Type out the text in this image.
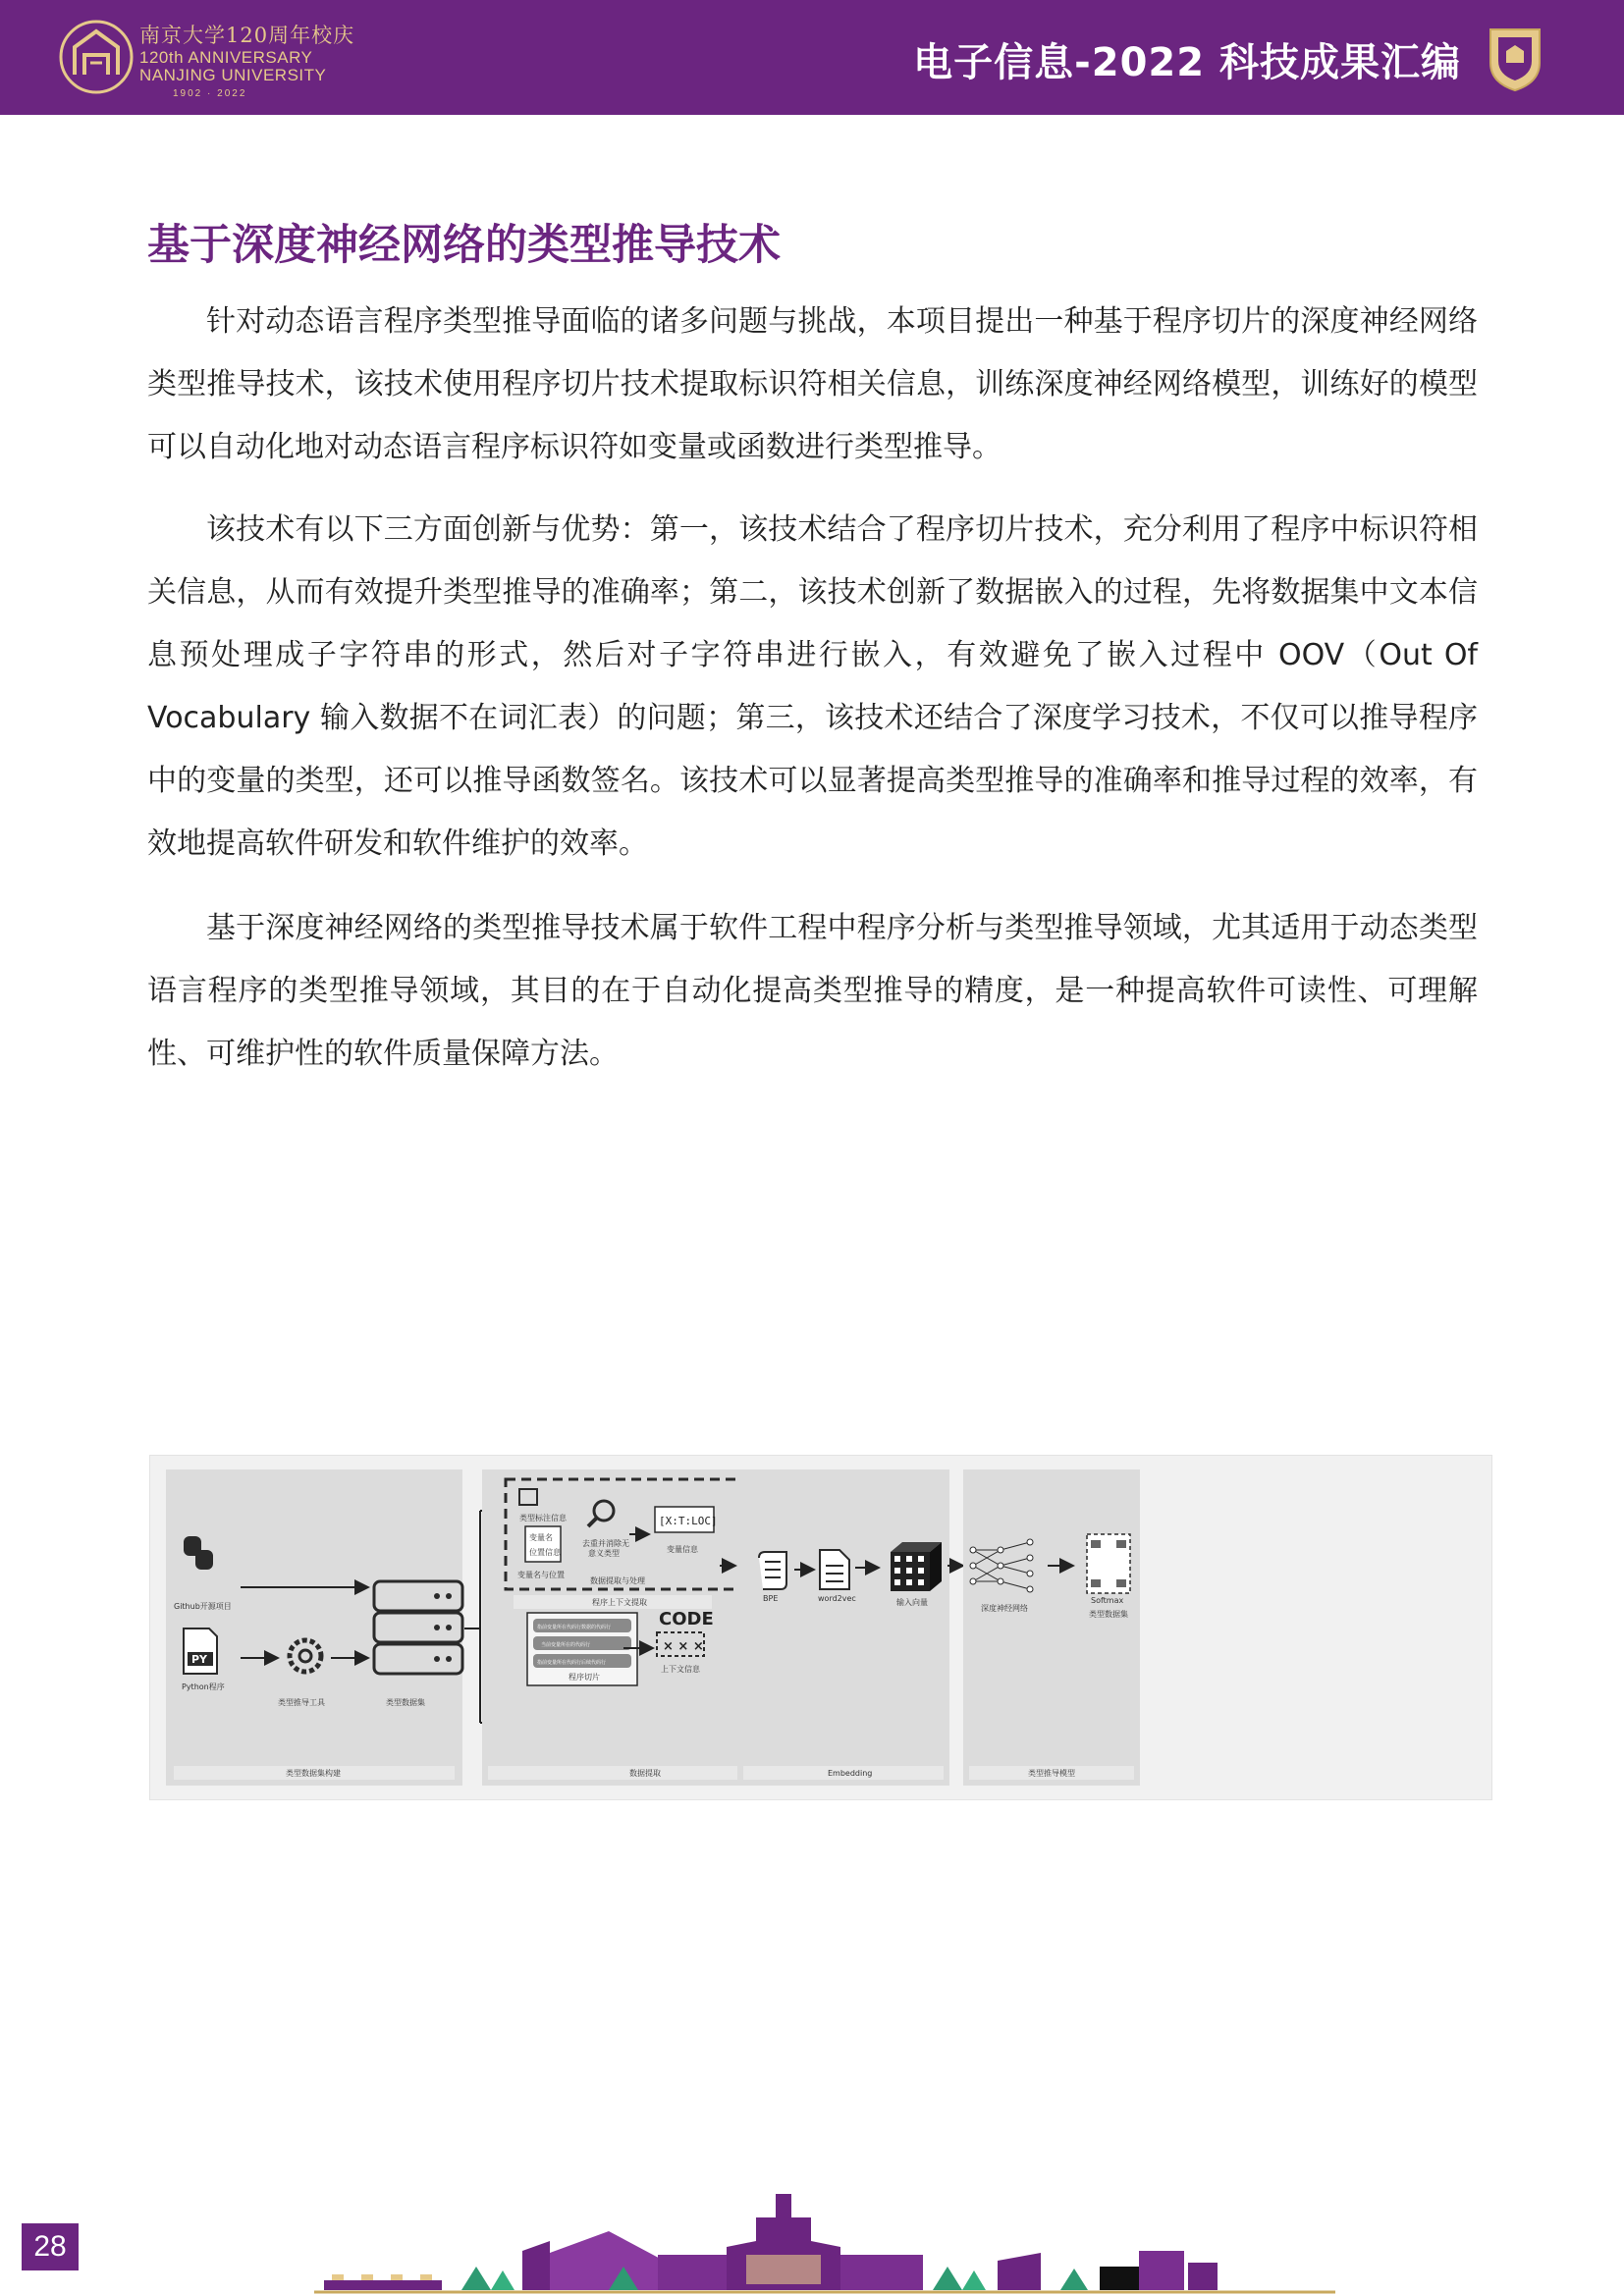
南京大学120周年校庆
120th ANNIVERSARY
NANJING UNIVERSITY
1902 · 2022
电子信息-2022 科技成果汇编
基于深度神经网络的类型推导技术

针对动态语言程序类型推导面临的诸多问题与挑战，本项目提出一种基于程序切片的深度神经网络类型推导技术，该技术使用程序切片技术提取标识符相关信息，训练深度神经网络模型，训练好的模型可以自动化地对动态语言程序标识符如变量或函数进行类型推导。

该技术有以下三方面创新与优势：第一，该技术结合了程序切片技术，充分利用了程序中标识符相关信息，从而有效提升类型推导的准确率；第二，该技术创新了数据嵌入的过程，先将数据集中文本信息预处理成子字符串的形式，然后对子字符串进行嵌入，有效避免了嵌入过程中 OOV（Out Of Vocabulary 输入数据不在词汇表）的问题；第三，该技术还结合了深度学习技术，不仅可以推导程序中的变量的类型，还可以推导函数签名。该技术可以显著提高类型推导的准确率和推导过程的效率，有效地提高软件研发和软件维护的效率。

基于深度神经网络的类型推导技术属于软件工程中程序分析与类型推导领域，尤其适用于动态类型语言程序的类型推导领域，其目的在于自动化提高类型推导的精度，是一种提高软件可读性、可理解性、可维护性的软件质量保障方法。

Github开源项目
PY
Python程序
类型推导工具	类型数据集
类型数据集构建
类型标注信息
变量名
位置信息
变量名与位置
去重并消除无
意义类型
[X:T:LOC]
变量信息
数据提取与处理
程序上下文提取
指前变量所在代码行数据的代码行
当前变量所在的代码行
指前变量所在代码行后续代码行
程序切片
CODE
× × ×
上下文信息
数据提取
BPE	word2vec	输入向量
Embedding
深度神经网络
Softmax
类型数据集
类型推导模型
28
